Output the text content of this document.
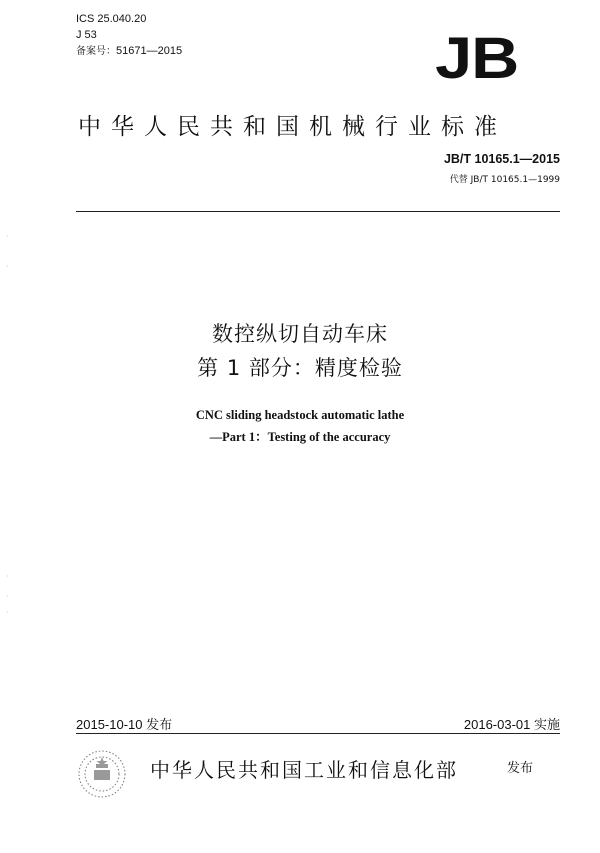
ICS 25.040.20
J 53
备案号：51671—2015	JB
中华人民共和国机械行业标准
JB/T 10165.1—2015
代替 JB/T 10165.1—1999
数控纵切自动车床
第 1 部分：精度检验
CNC sliding headstock automatic lathe
—Part 1：Testing of the accuracy
2015-10-10 发布	2016-03-01 实施
中华人民共和国工业和信息化部	发布
·
·
·
·
·
